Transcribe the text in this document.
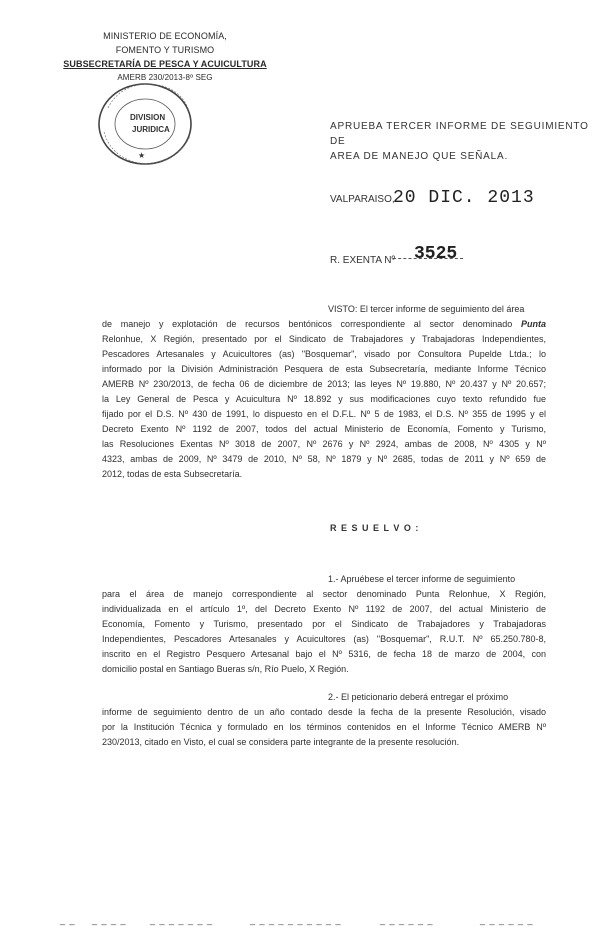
MINISTERIO DE ECONOMÍA,
FOMENTO Y TURISMO
SUBSECRETARÍA DE PESCA Y ACUICULTURA
AMERB 230/2013-8º SEG
DIVISION
JURIDICA
★
APRUEBA TERCER INFORME DE SEGUIMIENTO DE
AREA DE MANEJO QUE SEÑALA.
VALPARAISO,
20 DIC. 2013
R. EXENTA Nº 3525
VISTO: El tercer informe de seguimiento del área
de manejo y explotación de recursos bentónicos correspondiente al sector denominado Punta
Relonhue, X Región, presentado por el Sindicato de Trabajadores y Trabajadoras Independientes,
Pescadores Artesanales y Acuicultores (as) "Bosquemar", visado por Consultora Pupelde Ltda.; lo
informado por la División Administración Pesquera de esta Subsecretaría, mediante Informe Técnico
AMERB Nº 230/2013, de fecha 06 de diciembre de 2013; las leyes Nº 19.880, Nº 20.437 y Nº 20.657;
la Ley General de Pesca y Acuicultura Nº 18.892 y sus modificaciones cuyo texto refundido fue
fijado por el D.S. Nº 430 de 1991, lo dispuesto en el D.F.L. Nº 5 de 1983, el D.S. Nº 355 de 1995 y el
Decreto Exento Nº 1192 de 2007, todos del actual Ministerio de Economía, Fomento y Turismo,
las Resoluciones Exentas Nº 3018 de 2007, Nº 2676 y Nº 2924, ambas de 2008, Nº 4305 y Nº
4323, ambas de 2009, Nº 3479 de 2010, Nº 58, Nº 1879 y Nº 2685, todas de 2011 y Nº 659 de
2012, todas de esta Subsecretaría.
R E S U E L V O :
1.- Apruébese el tercer informe de seguimiento
para el área de manejo correspondiente al sector denominado Punta Relonhue, X Región,
individualizada en el artículo 1º, del Decreto Exento Nº 1192 de 2007, del actual Ministerio de
Economía, Fomento y Turismo, presentado por el Sindicato de Trabajadores y Trabajadoras
Independientes, Pescadores Artesanales y Acuicultores (as) "Bosquemar", R.U.T. Nº 65.250.780-8,
inscrito en el Registro Pesquero Artesanal bajo el Nº 5316, de fecha 18 de marzo de 2004, con
domicilio postal en Santiago Bueras s/n, Río Puelo, X Región.
2.- El peticionario deberá entregar el próximo
informe de seguimiento dentro de un año contado desde la fecha de la presente Resolución, visado
por la Institución Técnica y formulado en los términos contenidos en el Informe Técnico AMERB Nº
230/2013, citado en Visto, el cual se considera parte integrante de la presente resolución.
_ _ _ _ _ _	_ _ _ _ _ _ _	_ _ _ _ _ _ _ _ _ _	_ _ _ _ _ _	_ _ _ _ _ _
